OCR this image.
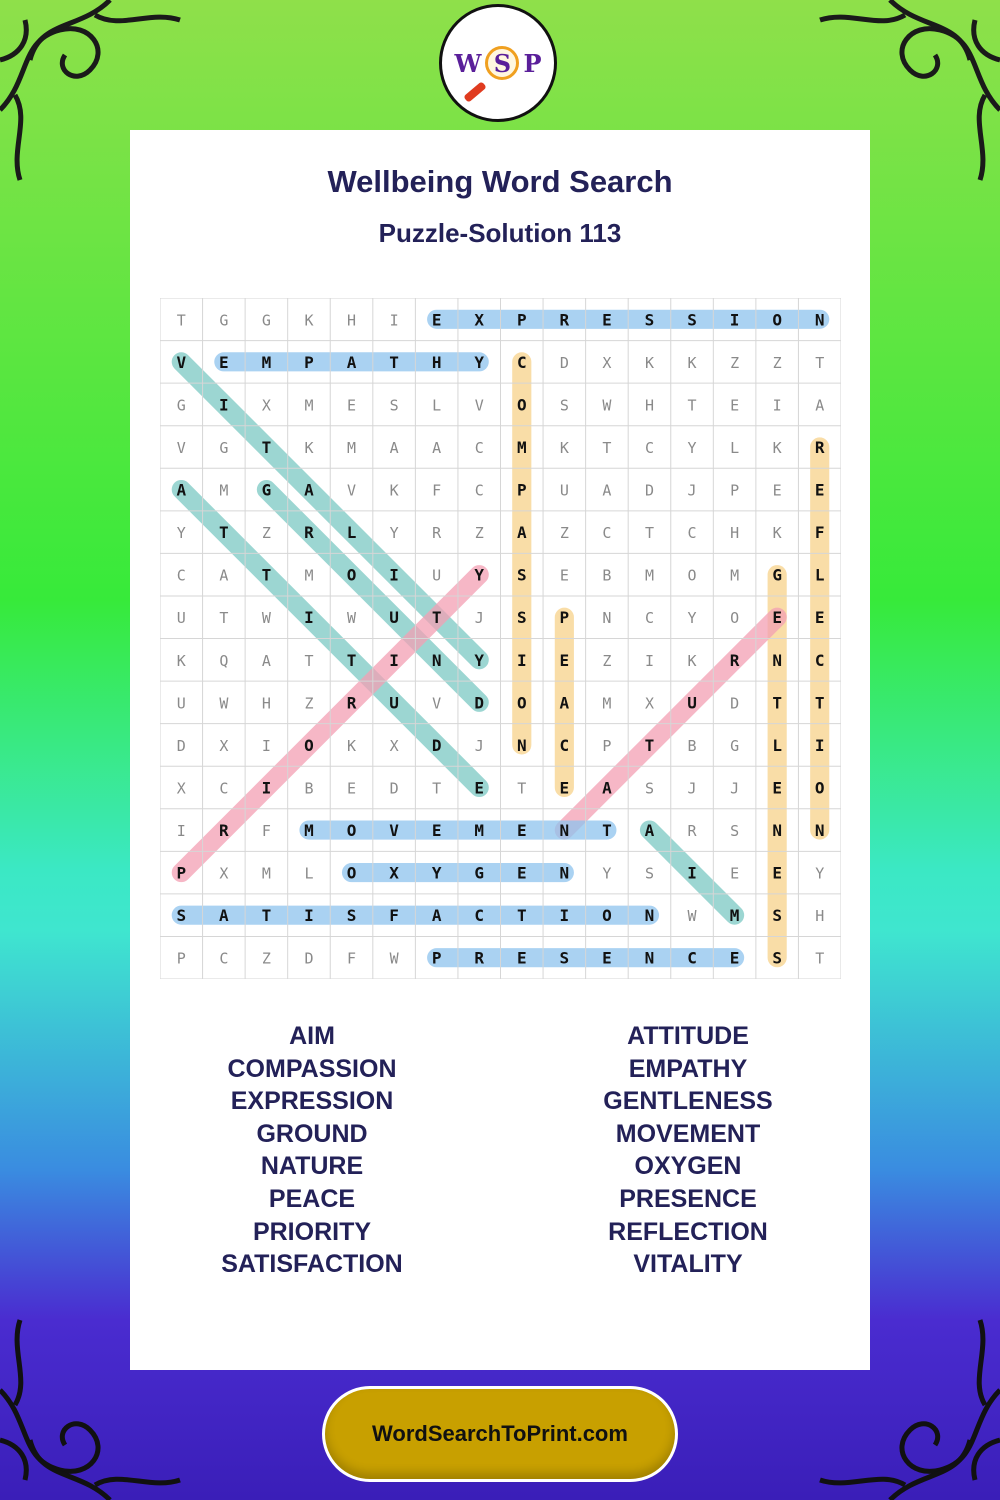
W S P
Wellbeing Word Search
Puzzle-Solution 113
T G G K H I E X P R E S S I O N
V E M P A T H Y C D X K K Z Z T
G I X M E S L V O S W H T E I A
V G T K M A A C M K T C Y L K R
A M G A V K F C P U A D J P E E
Y T Z R L Y R Z A Z C T C H K F
C A T M O I U Y S E B M O M G L
U T W I W U T J S P N C Y O E E
K Q A T T I N Y I E Z I K R N C
U W H Z R U V D O A M X U D T T
D X I O K X D J N C P T B G L I
X C I B E D T E T E A S J J E O
I R F M O V E M E N T A R S N N
P X M L O X Y G E N Y S I E E Y
S A T I S F A C T I O N W M S H
P C Z D F W P R E S E N C E S T
AIM
COMPASSION
EXPRESSION
GROUND
NATURE
PEACE
PRIORITY
SATISFACTION
ATTITUDE
EMPATHY
GENTLENESS
MOVEMENT
OXYGEN
PRESENCE
REFLECTION
VITALITY
WordSearchToPrint.com
